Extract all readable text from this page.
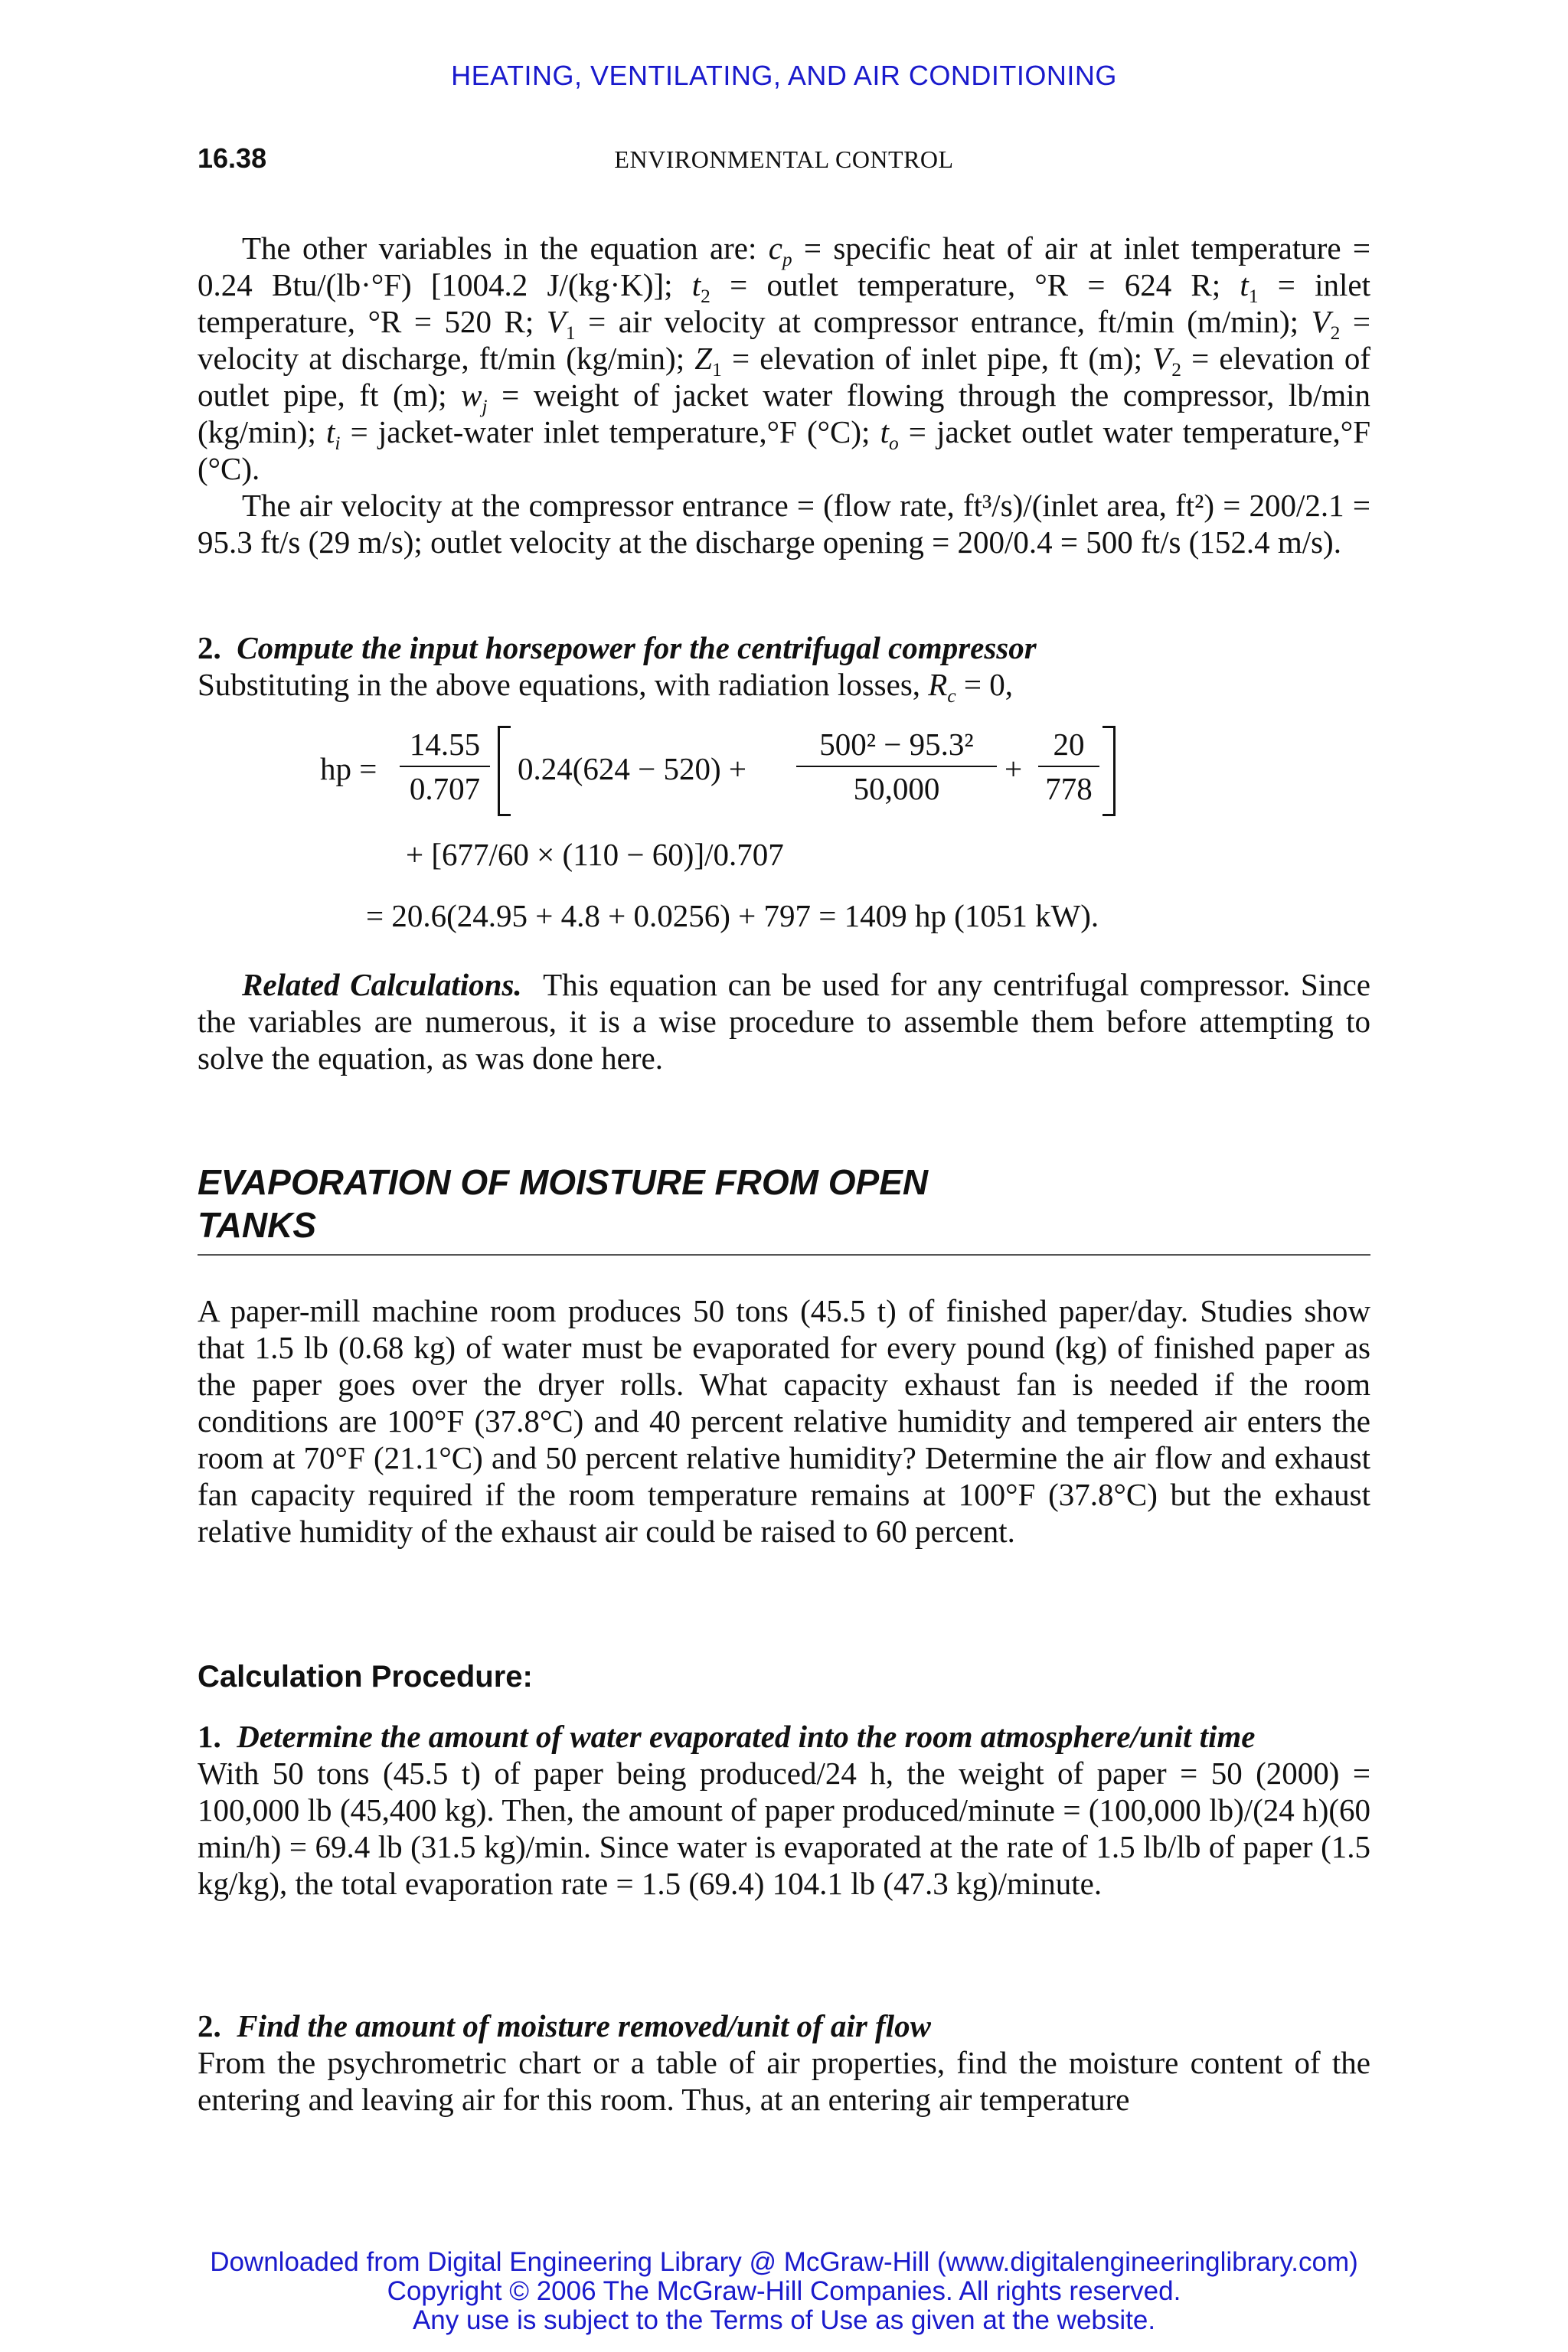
HEATING, VENTILATING, AND AIR CONDITIONING
16.38	ENVIRONMENTAL CONTROL

The other variables in the equation are: $c_p$ = specific heat of air at inlet temperature = 0.24 Btu/(lb·°F) [1004.2 J/(kg·K)]; $t_2$ = outlet temperature, °R = 624 R; $t_1$ = inlet temperature, °R = 520 R; $V_1$ = air velocity at compressor entrance, ft/min (m/min); $V_2$ = velocity at discharge, ft/min (kg/min); $Z_1$ = elevation of inlet pipe, ft (m); $V_2$ = elevation of outlet pipe, ft (m); $w_j$ = weight of jacket water flowing through the compressor, lb/min (kg/min); $t_i$ = jacket-water inlet temperature,°F (°C); $t_o$ = jacket outlet water temperature,°F (°C).

The air velocity at the compressor entrance = (flow rate, ft³/s)/(inlet area, ft²) = 200/2.1 = 95.3 ft/s (29 m/s); outlet velocity at the discharge opening = 200/0.4 = 500 ft/s (152.4 m/s).

2. Compute the input horsepower for the centrifugal compressor

Substituting in the above equations, with radiation losses, $R_c = 0$,

hp =
14.55
0.707
0.24(624 − 520) +
500² − 95.3²
50,000
+
20
778
+ [677/60 × (110 − 60)]/0.707
= 20.6(24.95 + 4.8 + 0.0256) + 797 = 1409 hp (1051 kW).

Related Calculations. This equation can be used for any centrifugal compressor. Since the variables are numerous, it is a wise procedure to assemble them before attempting to solve the equation, as was done here.

EVAPORATION OF MOISTURE FROM OPEN
TANKS

A paper-mill machine room produces 50 tons (45.5 t) of finished paper/day. Studies show that 1.5 lb (0.68 kg) of water must be evaporated for every pound (kg) of finished paper as the paper goes over the dryer rolls. What capacity exhaust fan is needed if the room conditions are 100°F (37.8°C) and 40 percent relative humidity and tempered air enters the room at 70°F (21.1°C) and 50 percent relative humidity? Determine the air flow and exhaust fan capacity required if the room temperature remains at 100°F (37.8°C) but the exhaust relative humidity of the exhaust air could be raised to 60 percent.

Calculation Procedure:

1. Determine the amount of water evaporated into the room atmosphere/unit time

With 50 tons (45.5 t) of paper being produced/24 h, the weight of paper = 50 (2000) = 100,000 lb (45,400 kg). Then, the amount of paper produced/minute = (100,000 lb)/(24 h)(60 min/h) = 69.4 lb (31.5 kg)/min. Since water is evaporated at the rate of 1.5 lb/lb of paper (1.5 kg/kg), the total evaporation rate = 1.5 (69.4) 104.1 lb (47.3 kg)/minute.

2. Find the amount of moisture removed/unit of air flow

From the psychrometric chart or a table of air properties, find the moisture content of the entering and leaving air for this room. Thus, at an entering air temperature

Downloaded from Digital Engineering Library @ McGraw-Hill (www.digitalengineeringlibrary.com)
Copyright © 2006 The McGraw-Hill Companies. All rights reserved.
Any use is subject to the Terms of Use as given at the website.
